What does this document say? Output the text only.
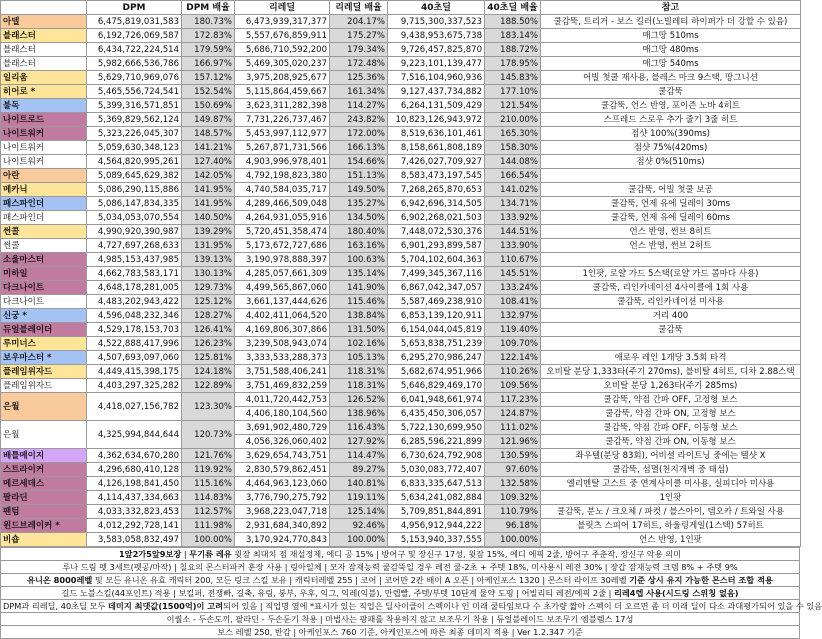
	DPM	DPM 배율	리레딜	리레딜 배율	40초딜	40초딜 배율	참고
아델	6,475,819,031,583	180.73%	6,473,939,317,377	204.17%	9,715,300,337,523	188.50%	쿨감뚝, 트리거 - 보스 킬러(노빌레티 하이퍼가 더 강할 수 있음)
블래스터	6,192,726,069,587	172.83%	5,557,676,859,911	175.27%	9,438,953,675,738	183.14%	매그땅 510ms
블래스터	6,434,722,224,514	179.59%	5,686,710,592,200	179.34%	9,726,457,825,870	188.72%	매그땅 480ms
블래스터	5,982,666,536,786	166.97%	5,469,305,020,237	172.48%	9,223,101,139,477	178.95%	매그땅 540ms
일리움	5,629,710,969,076	157.12%	3,975,208,925,677	125.36%	7,516,104,960,936	145.83%	어빌 첫쿨 재사용, 블레스 마크 9스택, 땅그니션
히어로 *	5,465,556,724,541	152.54%	5,115,864,459,667	161.34%	9,127,437,734,882	177.10%	쿨감뚝
불독	5,399,316,571,851	150.69%	3,623,311,282,398	114.27%	6,264,131,509,429	121.54%	쿨감뚝, 언스 반영, 포이즌 노바 4히트
나이트로드	5,369,829,562,124	149.87%	7,731,226,737,467	243.82%	10,823,126,943,972	210.00%	스프레드 스로우 추가 줄기 3줄 히트
나이트워커	5,323,226,045,307	148.57%	5,453,997,112,977	172.00%	8,519,636,101,461	165.30%	점샷 100%(390ms)
나이트워커	5,059,630,348,123	141.21%	5,267,871,731,566	166.13%	8,158,661,808,189	158.30%	점샷 75%(420ms)
나이트워커	4,564,820,995,261	127.40%	4,903,996,978,401	154.66%	7,426,027,709,927	144.08%	점샷 0%(510ms)
아란	5,089,645,629,382	142.05%	4,792,198,823,380	151.13%	8,583,473,197,545	166.54%	
메카닉	5,086,290,115,886	141.95%	4,740,584,035,717	149.50%	7,268,265,870,653	141.02%	쿨감뚝, 어빌 첫쿨 보공
패스파인더	5,086,147,834,335	141.95%	4,289,466,509,048	135.27%	6,942,696,314,505	134.71%	쿨감뚝, 언제 유에 딜레이 30ms
패스파인더	5,034,053,070,554	140.50%	4,264,931,055,916	134.50%	6,902,268,021,503	133.92%	쿨감뚝, 언제 유에 딜레이 60ms
썬콜	4,990,920,390,987	139.29%	5,720,451,358,474	180.40%	7,448,072,530,376	144.51%	언스 반영, 썬브 8히트
썬콜	4,727,697,268,633	131.95%	5,173,672,727,686	163.16%	6,901,293,899,587	133.90%	언스 반영, 썬브 2히트
소울마스터	4,985,153,437,985	139.13%	3,190,978,888,397	100.63%	5,704,102,604,363	110.67%	
미하일	4,662,783,583,171	130.13%	4,285,057,661,309	135.14%	7,499,345,367,116	145.51%	1인팟, 로얄 가드 5스택(로얄 가드 콤마다 사용)
다크나이트	4,648,178,281,005	129.73%	4,499,565,867,060	141.90%	6,867,042,347,057	133.24%	쿨감뚝, 리인카네이션 4사이클에 1회 사용
다크나이트	4,483,202,943,422	125.12%	3,661,137,444,626	115.46%	5,587,469,238,910	108.41%	쿨감뚝, 리인카네이션 미사용
신궁 *	4,596,048,232,346	128.27%	4,402,411,064,520	138.84%	6,853,139,120,911	132.97%	거리 400
듀얼블레이더	4,529,178,153,703	126.41%	4,169,806,307,866	131.50%	6,154,044,045,819	119.40%	쿨감뚝
루미너스	4,522,888,417,996	126.23%	3,239,508,943,074	102.16%	5,653,838,751,239	109.70%	
보우마스터 *	4,507,693,097,060	125.81%	3,333,533,288,373	105.13%	6,295,270,986,247	122.14%	애로우 레인 1개당 3.5회 타격
플레임위자드	4,449,415,398,175	124.18%	3,751,588,406,241	118.31%	5,682,674,951,966	110.26%	오비탈 분당 1,333타(주기 270ms), 블비탈 4히트, 디차 2.88스택
플레임위자드	4,403,297,325,282	122.89%	3,751,469,832,259	118.31%	5,646,829,469,170	109.56%	오비탈 분당 1,263타(주기 285ms)
은월	4,418,027,156,782	123.30%	4,011,720,442,753	126.52%	6,041,948,661,974	117.23%	쿨감뚝, 약점 간파 OFF, 고정형 보스
			4,406,180,104,560	138.96%	6,435,450,306,057	124.87%	쿨감뚝, 약점 간파 ON, 고정형 보스
은월	4,325,994,844,644	120.73%	3,691,902,480,729	116.43%	5,722,130,699,950	111.02%	쿨감뚝, 약점 간파 OFF, 이동형 보스
			4,056,326,060,402	127.92%	6,285,596,221,899	121.96%	쿨감뚝, 약점 간파 ON, 이동형 보스
배틀메이지	4,362,634,670,280	121.76%	3,629,654,743,751	114.47%	6,730,624,792,908	130.59%	좌우텔(분당 83회), 어비셜 라이트닝 중에는 텔샷 X
스트라이커	4,296,680,410,128	119.92%	2,830,579,862,451	89.27%	5,030,083,772,407	97.60%	쿨감뚝, 섬멸(천지개벽 중 태섬)
메르세데스	4,126,198,841,450	115.16%	4,464,963,123,060	140.81%	6,833,335,647,513	132.58%	엘리멘탈 고스트 중 연계사이클 미사용, 실피디아 미사용
팔라딘	4,114,437,334,663	114.83%	3,776,790,275,792	119.11%	5,634,241,082,884	109.32%	1인팟
팬텀	4,033,332,823,453	112.57%	3,968,223,047,718	125.14%	5,709,851,844,891	110.79%	쿨감뚝, 분노 / 크오체 / 파컷 / 블스아이, 템오카 / 트와일 사용
윈드브레이커 *	4,012,292,728,141	111.98%	2,931,684,340,892	92.46%	4,956,912,944,222	96.18%	블릿츠 스피어 17히트, 하울링게일(1스택) 57히트
비숍	3,583,058,832,497	100.00%	3,170,924,770,843	100.00%	5,153,940,337,555	100.00%	언스 반영, 1인팟
1앞2가5앞9보장 | 무기류 레유 윗잠 최대치 점 재설정제, 에디 공 15% | 방어구 및 장신구 17성, 윗잠 15%, 에디 에픽 2줄, 방어구 주춘작, 장신구 악용 의미
루나 드림 펫 3세트(펫공/마작) | 칠요의 몬스터파커 훈장 사용 | 링아일체 | 모자 잠재능력 쿨감뚝일 경우 레전 쿨-2초 + 주텟 18%, 미사용시 레전 30% | 장갑 잠재능력 크뎀 8% + 주텟 9%
유니온 8000레벨 및 모든 유니온 유효 캐릭터 200, 모든 링크 스킬 보유 | 캐릭터레벨 255 | 코어 | 코어만 2칸 배이 A 오픈 | 아케인포스 1320 | 몬스터 라이프 30레벨 기준 상시 유지 가능한 몬스터 조합 적용
길드 노블스킬(44포인트) 적용 | 보킬퍼, 전쟁빠, 길축, 유림, 붕부, 우후, 익그, 익레(익블), 만렙빨, 주텟/부텟 10단계 물약 도핑 | 어빌리티 레전/에픽 2줄 | 리레4렙 사용(시드링 스위칭 없음)
DPM과 리레딜, 40초딜 모두 데미지 최댓값(1500억)이 고려되어 있음 | 직업명 옆에 *표시가 있는 직업은 딜사이클이 스펙이나 인 미래 쿨타임보다 수 초가량 짧아 스펙이 더 오르면 좀 더 미래 딜이 다소 과대평가되어 있을 수 있음
이퀄소 - 두손도끼, 팔라딘 - 두손둔기 착용 | 마법사는 팡패를 착용하지 않고 보조무기 착용 | 듀얼블레이드 보조무기 엠블렘스 17성
보스 레벨 250, 반감 | 아케인포스 760 기준, 아케인포스에 따른 최종 데미지 적용 | Ver 1.2.347 기준
